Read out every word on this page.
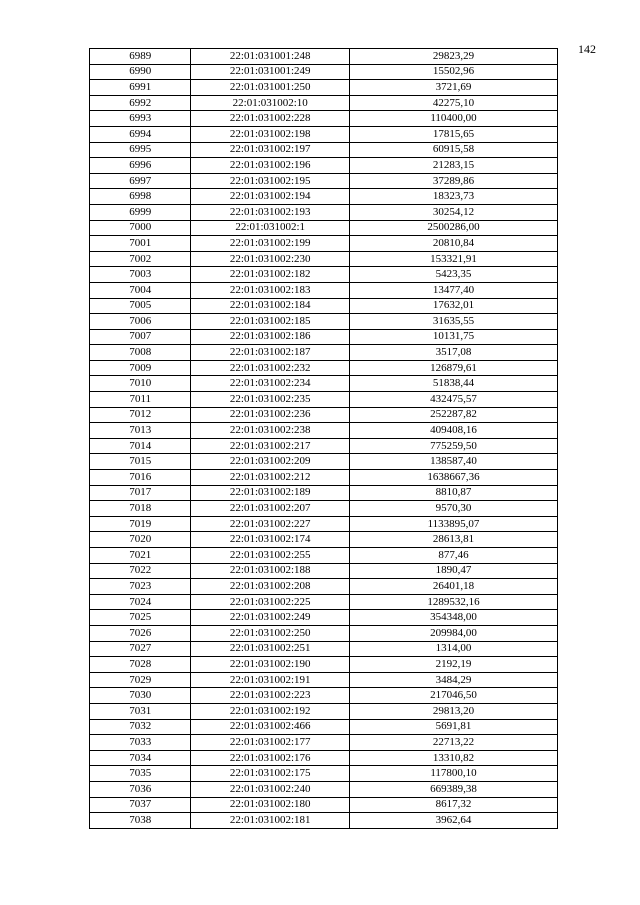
142
6989	22:01:031001:248	29823,29
6990	22:01:031001:249	15502,96
6991	22:01:031001:250	3721,69
6992	22:01:031002:10	42275,10
6993	22:01:031002:228	110400,00
6994	22:01:031002:198	17815,65
6995	22:01:031002:197	60915,58
6996	22:01:031002:196	21283,15
6997	22:01:031002:195	37289,86
6998	22:01:031002:194	18323,73
6999	22:01:031002:193	30254,12
7000	22:01:031002:1	2500286,00
7001	22:01:031002:199	20810,84
7002	22:01:031002:230	153321,91
7003	22:01:031002:182	5423,35
7004	22:01:031002:183	13477,40
7005	22:01:031002:184	17632,01
7006	22:01:031002:185	31635,55
7007	22:01:031002:186	10131,75
7008	22:01:031002:187	3517,08
7009	22:01:031002:232	126879,61
7010	22:01:031002:234	51838,44
7011	22:01:031002:235	432475,57
7012	22:01:031002:236	252287,82
7013	22:01:031002:238	409408,16
7014	22:01:031002:217	775259,50
7015	22:01:031002:209	138587,40
7016	22:01:031002:212	1638667,36
7017	22:01:031002:189	8810,87
7018	22:01:031002:207	9570,30
7019	22:01:031002:227	1133895,07
7020	22:01:031002:174	28613,81
7021	22:01:031002:255	877,46
7022	22:01:031002:188	1890,47
7023	22:01:031002:208	26401,18
7024	22:01:031002:225	1289532,16
7025	22:01:031002:249	354348,00
7026	22:01:031002:250	209984,00
7027	22:01:031002:251	1314,00
7028	22:01:031002:190	2192,19
7029	22:01:031002:191	3484,29
7030	22:01:031002:223	217046,50
7031	22:01:031002:192	29813,20
7032	22:01:031002:466	5691,81
7033	22:01:031002:177	22713,22
7034	22:01:031002:176	13310,82
7035	22:01:031002:175	117800,10
7036	22:01:031002:240	669389,38
7037	22:01:031002:180	8617,32
7038	22:01:031002:181	3962,64
